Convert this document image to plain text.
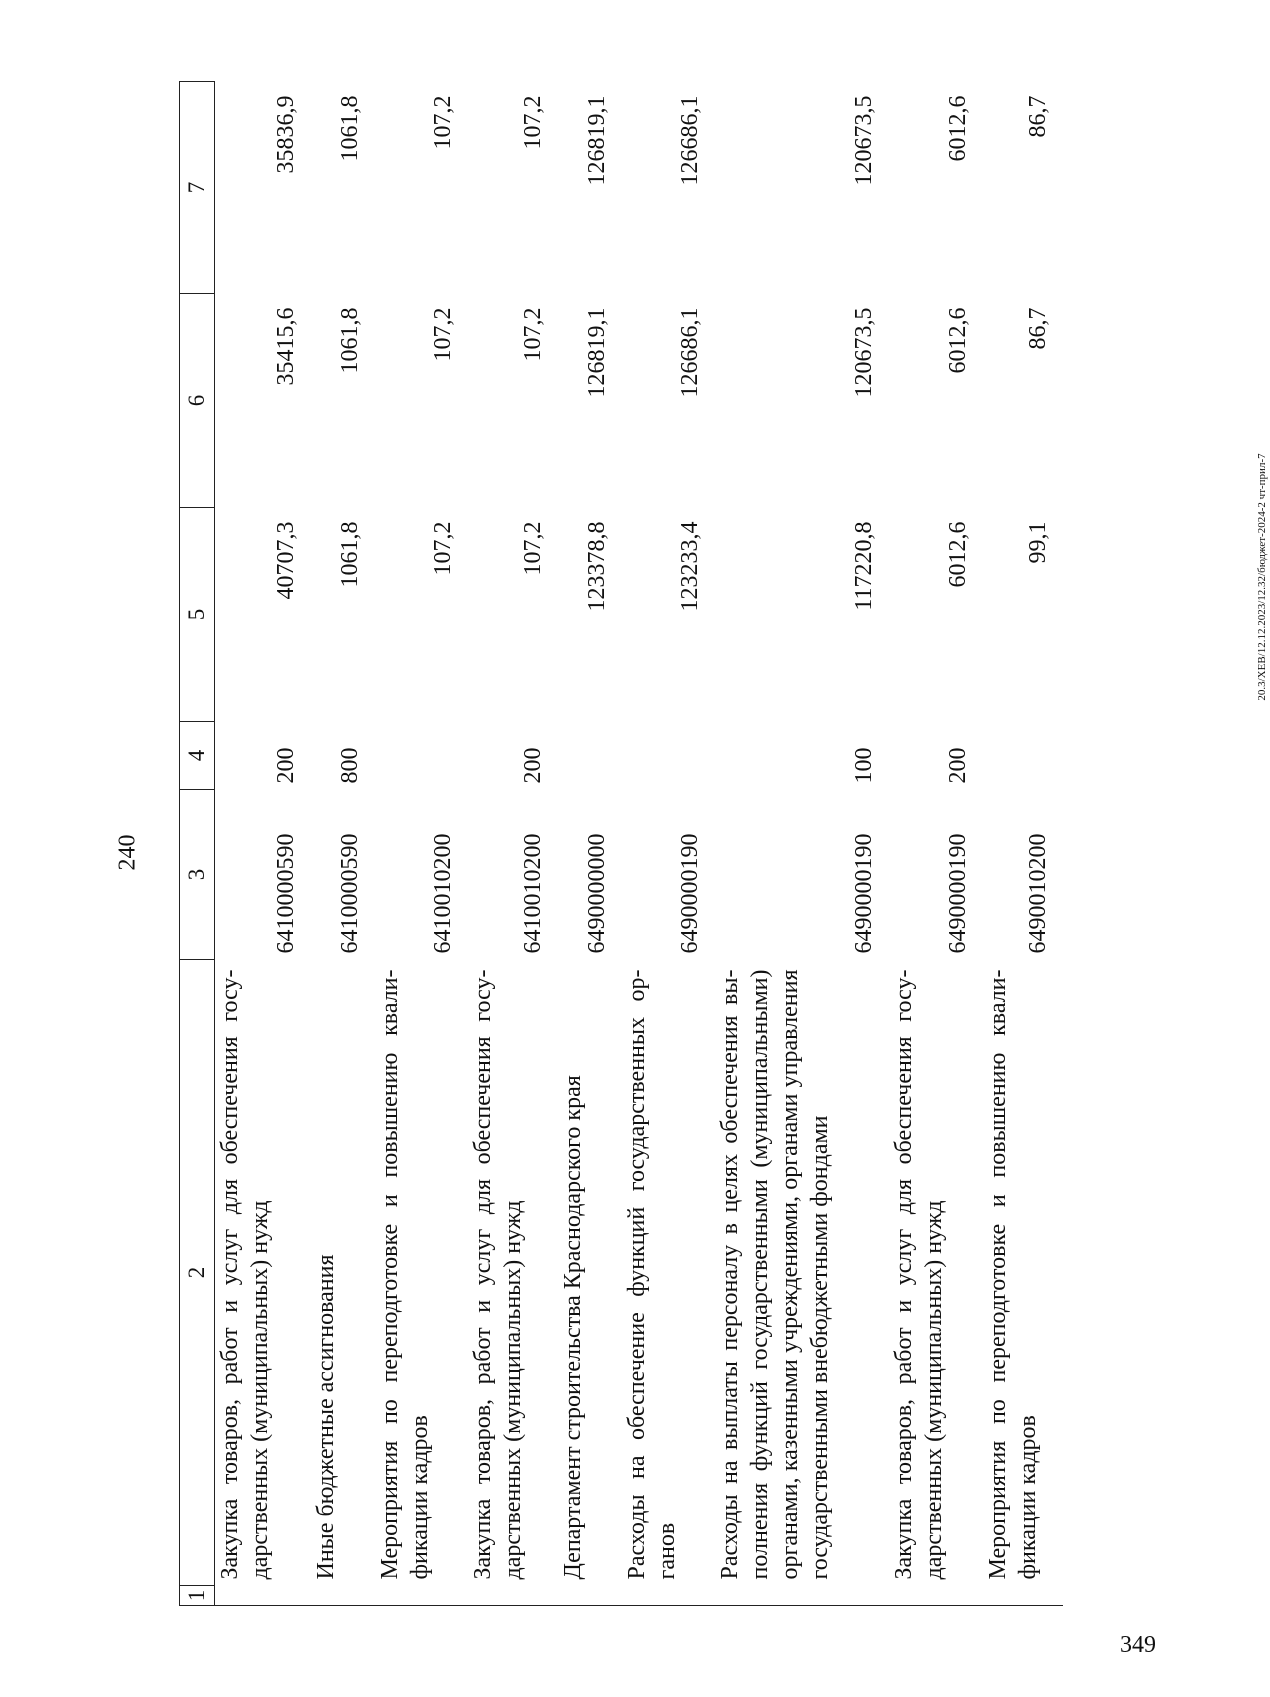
240
1	2	3	4	5	6	7
	Закупка товаров, работ и услуг для обеспечения государственных (муниципальных) нужд	6410000590	200	40707,3	35415,6	35836,9
	Иные бюджетные ассигнования	6410000590	800	1061,8	1061,8	1061,8
	Мероприятия по переподготовке и повышению квалификации кадров	6410010200		107,2	107,2	107,2
	Закупка товаров, работ и услуг для обеспечения государственных (муниципальных) нужд	6410010200	200	107,2	107,2	107,2
	Департамент строительства Краснодарского края	6490000000		123378,8	126819,1	126819,1
	Расходы на обеспечение функций государственных органов	6490000190		123233,4	126686,1	126686,1
	Расходы на выплаты персоналу в целях обеспечения выполнения функций государственными (муниципальными) органами, казенными учреждениями, органами управления государственными внебюджетными фондами	6490000190	100	117220,8	120673,5	120673,5
	Закупка товаров, работ и услуг для обеспечения государственных (муниципальных) нужд	6490000190	200	6012,6	6012,6	6012,6
	Мероприятия по переподготовке и повышению квалификации кадров	6490010200		99,1	86,7	86,7
20.3/ХЕВ/12.12.2023/12.32/бюджет-2024-2 чт-прил-7
349
